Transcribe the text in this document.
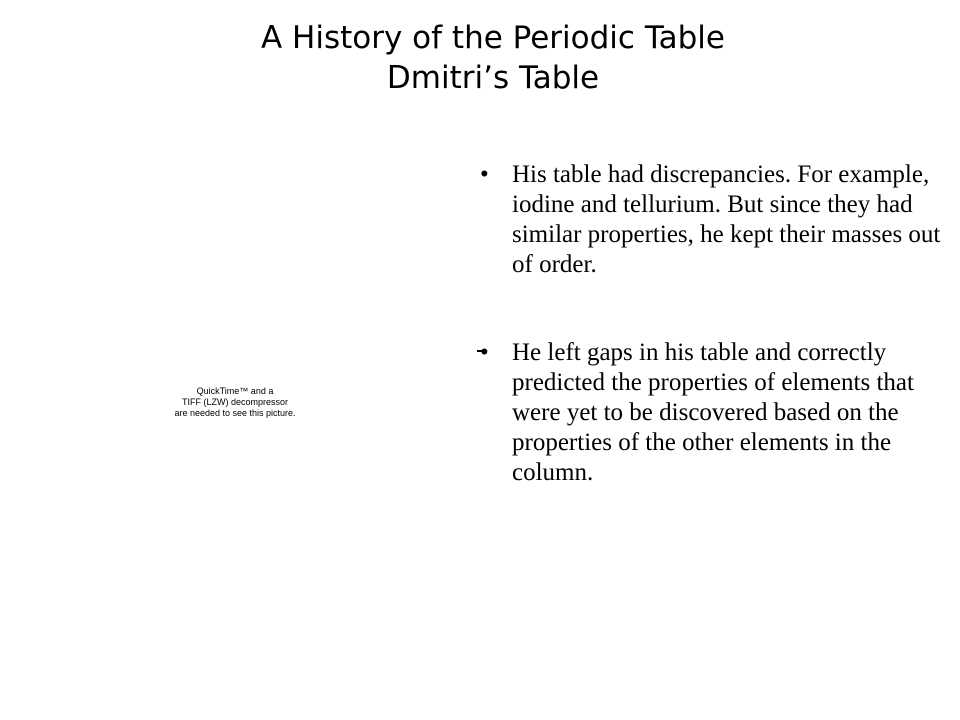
A History of the Periodic Table
Dmitri’s Table
QuickTime™ and a
TIFF (LZW) decompressor
are needed to see this picture.
• His table had discrepancies. For example, iodine and tellurium. But since they had similar properties, he kept their masses out of order.
• He left gaps in his table and correctly predicted the properties of elements that were yet to be discovered based on the properties of the other elements in the column.
